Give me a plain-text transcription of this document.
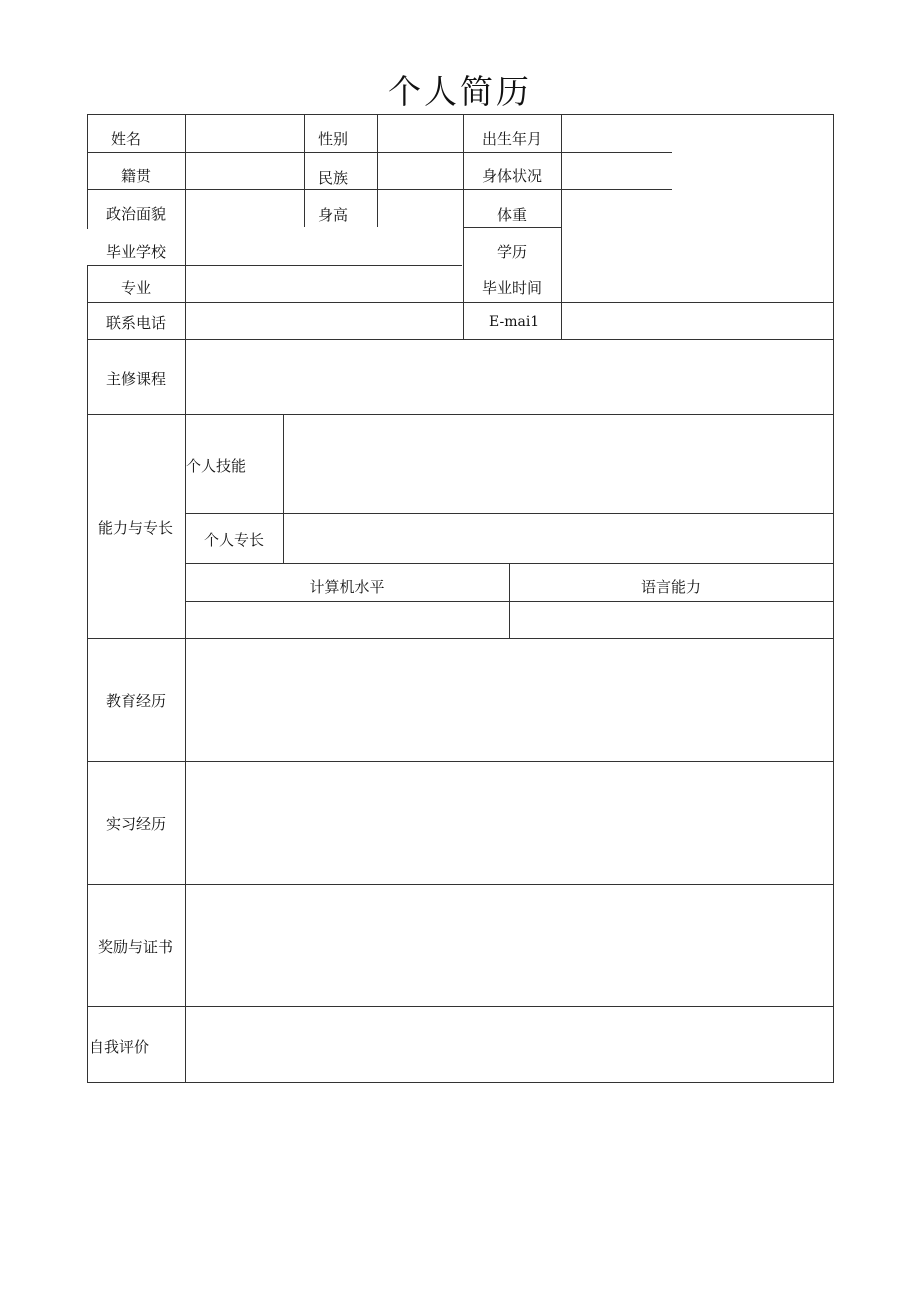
个人简历
姓名	性别	出生年月
籍贯	民族	身体状况
政治面貌	身高	体重
毕业学校	学历
专业	毕业时间
联系电话	E-mai1
主修课程
能力与专长
个人技能
个人专长
计算机水平	语言能力
教育经历
实习经历
奖励与证书
自我评价
